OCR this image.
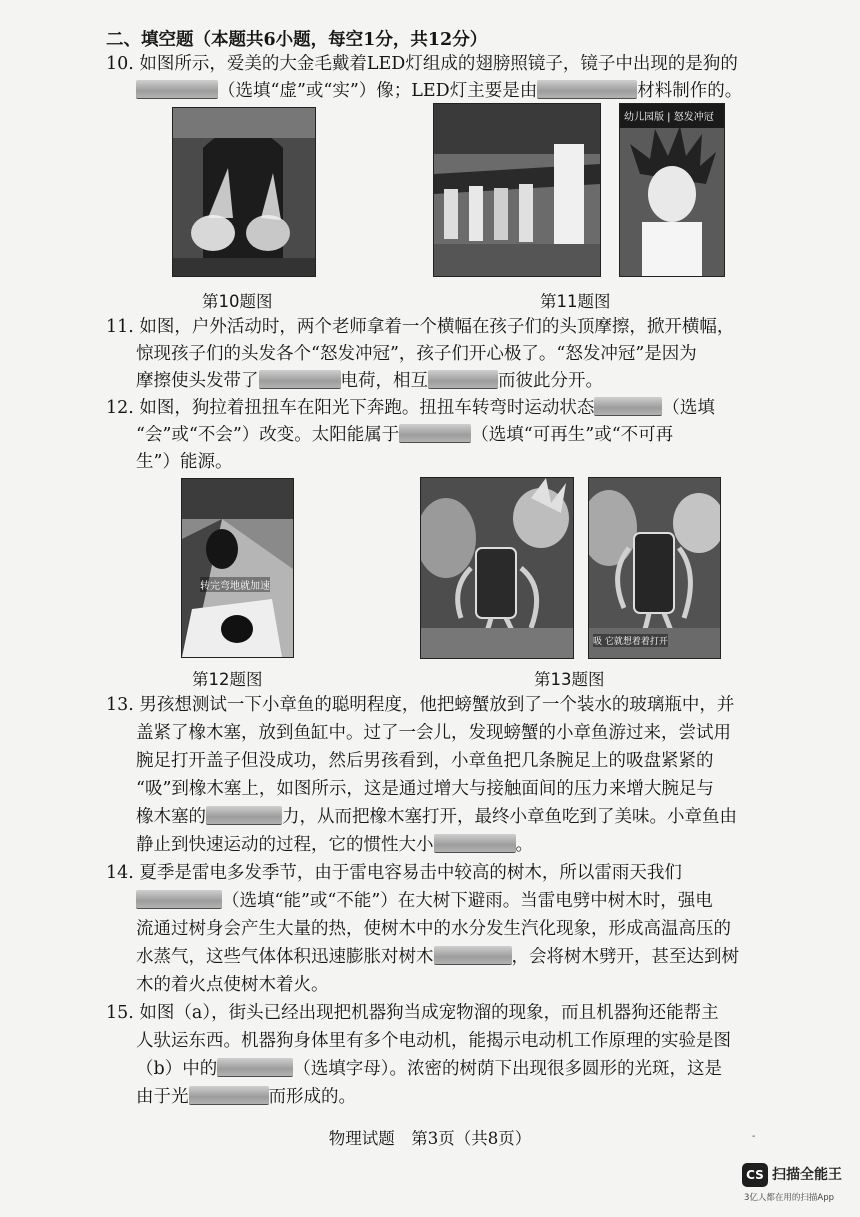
二、填空题（本题共6小题，每空1分，共12分）
10. 如图所示，爱美的大金毛戴着LED灯组成的翅膀照镜子，镜子中出现的是狗的
（选填“虚”或“实”）像；LED灯主要是由	材料制作的。
幼儿园版 | 怒发冲冠
第10题图	第11题图
11. 如图，户外活动时，两个老师拿着一个横幅在孩子们的头顶摩擦，掀开横幅，
惊现孩子们的头发各个“怒发冲冠”，孩子们开心极了。“怒发冲冠”是因为
摩擦使头发带了	电荷，相互	而彼此分开。
12. 如图，狗拉着扭扭车在阳光下奔跑。扭扭车转弯时运动状态	（选填
“会”或“不会”）改变。太阳能属于	（选填“可再生”或“不可再
生”）能源。
转完弯地就加速
吸 它就想着着打开
第12题图	第13题图
13. 男孩想测试一下小章鱼的聪明程度，他把螃蟹放到了一个装水的玻璃瓶中，并
盖紧了橡木塞，放到鱼缸中。过了一会儿，发现螃蟹的小章鱼游过来，尝试用
腕足打开盖子但没成功，然后男孩看到，小章鱼把几条腕足上的吸盘紧紧的
“吸”到橡木塞上，如图所示，这是通过增大与接触面间的压力来增大腕足与
橡木塞的	力，从而把橡木塞打开，最终小章鱼吃到了美味。小章鱼由
静止到快速运动的过程，它的惯性大小	。
14. 夏季是雷电多发季节，由于雷电容易击中较高的树木，所以雷雨天我们
（选填“能”或“不能”）在大树下避雨。当雷电劈中树木时，强电
流通过树身会产生大量的热，使树木中的水分发生汽化现象，形成高温高压的
水蒸气，这些气体体积迅速膨胀对树木	，会将树木劈开，甚至达到树
木的着火点使树木着火。
15. 如图（a），街头已经出现把机器狗当成宠物溜的现象，而且机器狗还能帮主
人驮运东西。机器狗身体里有多个电动机，能揭示电动机工作原理的实验是图
（b）中的	（选填字母）。浓密的树荫下出现很多圆形的光斑，这是
由于光	而形成的。
物理试题　第3页（共8页）	-
CS 扫描全能王
3亿人都在用的扫描App
